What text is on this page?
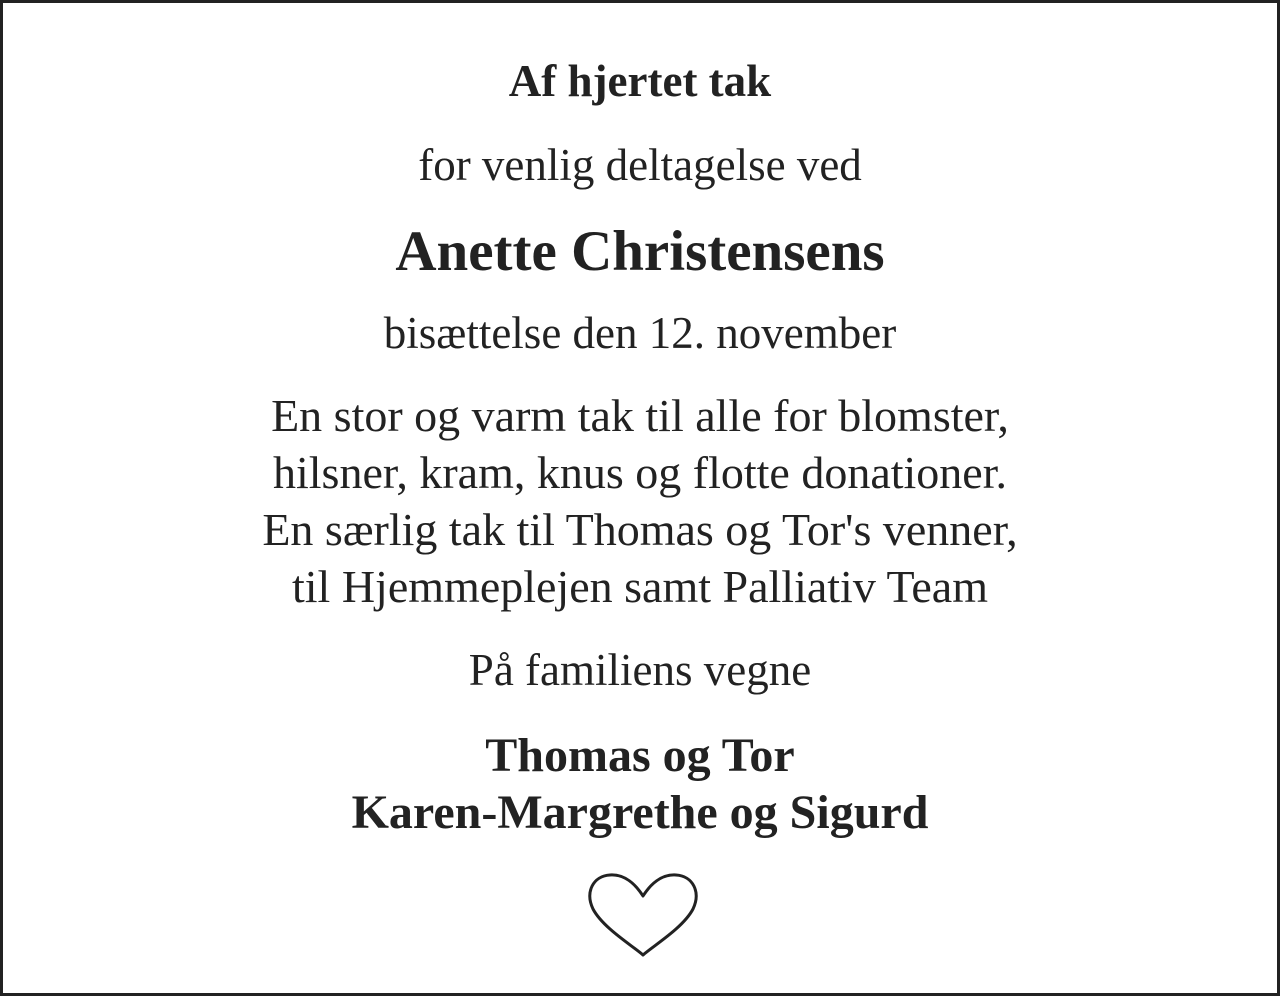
Af hjertet tak
for venlig deltagelse ved
Anette Christensens
bisættelse den 12. november
En stor og varm tak til alle for blomster,
hilsner, kram, knus og flotte donationer.
En særlig tak til Thomas og Tor's venner,
til Hjemmeplejen samt Palliativ Team
På familiens vegne
Thomas og Tor
Karen-Margrethe og Sigurd
